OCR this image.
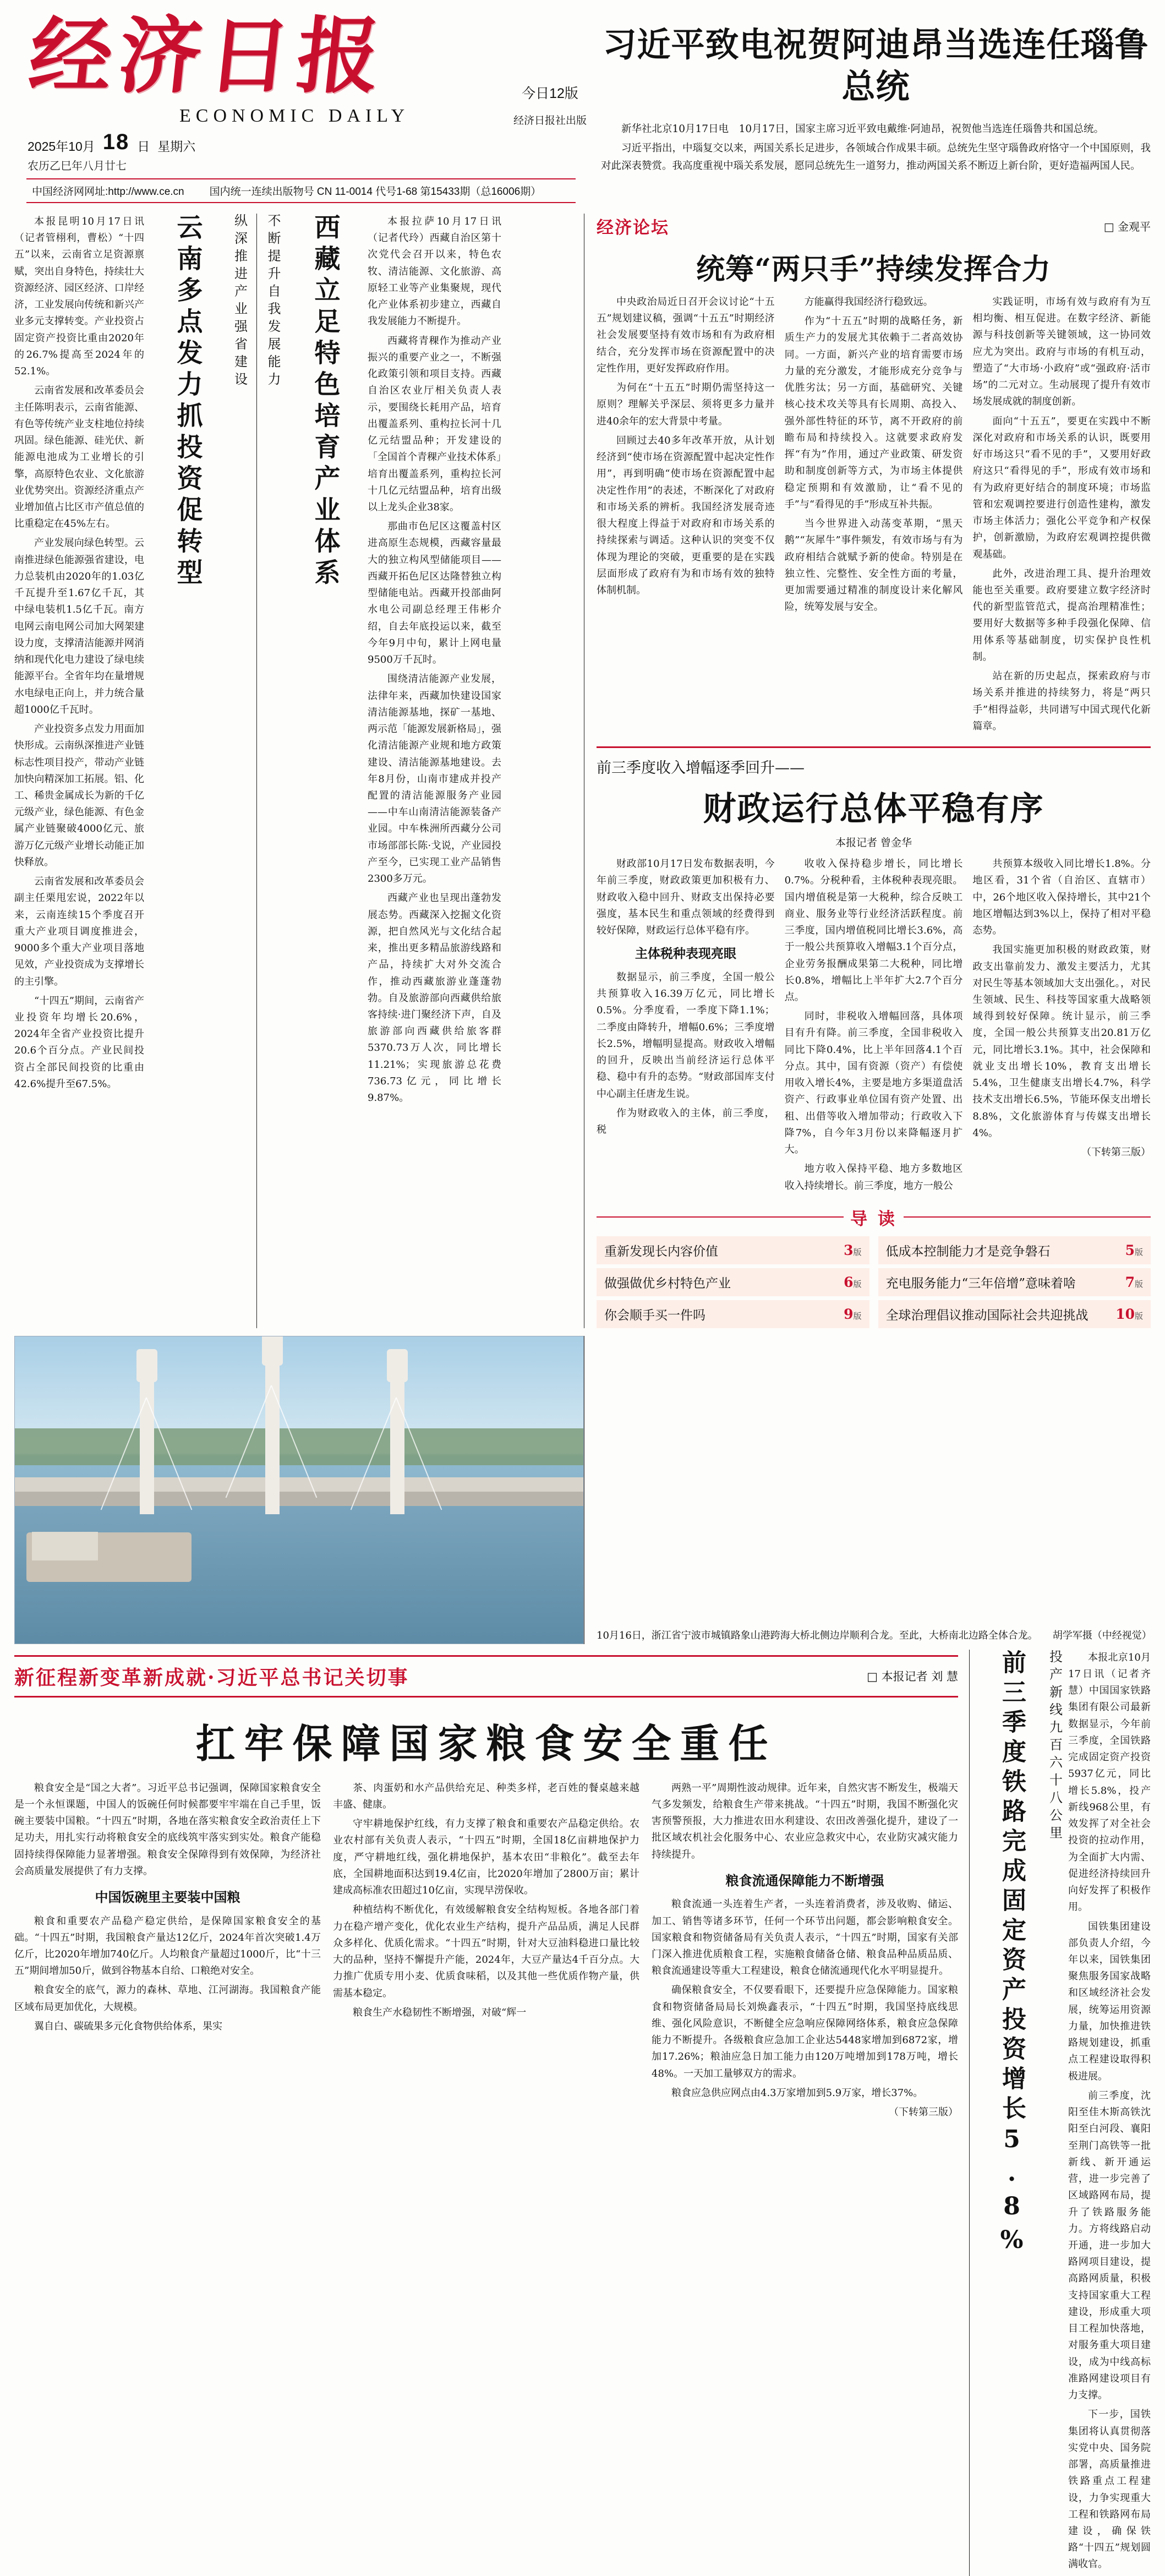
经济日报
ECONOMIC DAILY
2025年10月 18 日 星期六
农历乙巳年八月廿七
今日12版
经济日报社出版
中国经济网网址:http://www.ce.cn 国内统一连续出版物号 CN 11-0014 代号1-68 第15433期（总16006期）
习近平致电祝贺阿迪昂当选连任瑙鲁总统

新华社北京10月17日电　10月17日，国家主席习近平致电戴维·阿迪昂，祝贺他当选连任瑙鲁共和国总统。

习近平指出，中瑙复交以来，两国关系长足进步，各领域合作成果丰硕。总统先生坚守瑙鲁政府恪守一个中国原则，我对此深表赞赏。我高度重视中瑙关系发展，愿同总统先生一道努力，推动两国关系不断迈上新台阶，更好造福两国人民。

本报昆明10月17日讯（记者管栩利，曹松）“十四五”以来，云南省立足资源禀赋，突出自身特色，持续壮大资源经济、园区经济、口岸经济，工业发展向传统和新兴产业多元支撑转变。产业投资占固定资产投资比重由2020年的26.7%提高至2024年的52.1%。

云南省发展和改革委员会主任陈明表示，云南省能源、有色等传统产业支柱地位持续巩固。绿色能源、硅光伏、新能源电池成为工业增长的引擎，高原特色农业、文化旅游业优势突出。资源经济重点产业增加值占比区市产值总值的比重稳定在45%左右。

产业发展向绿色转型。云南推进绿色能源强省建设，电力总装机由2020年的1.03亿千瓦提升至1.67亿千瓦，其中绿电装机1.5亿千瓦。南方电网云南电网公司加大网架建设力度，支撑清洁能源并网消纳和现代化电力建设了绿电续能源平台。全省年均在量增规水电绿电正向上，并力统合量超1000亿千瓦时。

产业投资多点发力用面加快形成。云南纵深推进产业链标志性项目投产，带动产业链加快向精深加工拓展。铝、化工、稀贵金属成长为新的千亿元级产业，绿色能源、有色金属产业链聚破4000亿元、旅游万亿元级产业增长动能正加快释放。

云南省发展和改革委员会副主任栗甩宏说，2022年以来，云南连续15个季度召开重大产业项目调度推进会，9000多个重大产业项目落地见效，产业投资成为支撑增长的主引擎。

“十四五”期间，云南省产业投资年均增长20.6%，2024年全省产业投资比提升20.6个百分点。产业民间投资占全部民间投资的比重由42.6%提升至67.5%。

云南多点发力抓投资促转型 纵深推进产业强省建设 不断提升自我发展能力 西藏立足特色培育产业体系	本报拉萨10月17日讯（记者代玲）西藏自治区第十次党代会召开以来，特色农牧、清洁能源、文化旅游、高原轻工业等产业集聚规，现代化产业体系初步建立，西藏自我发展能力不断提升。

西藏将青稞作为推动产业振兴的重要产业之一，不断强化政策引领和项目支持。西藏自治区农业厅相关负责人表示，要围绕长耗用产品，培育出覆盖系列、重构拉长河十几亿元结盟品种；开发建设的「全国首个青稞产业技术体系」培育出覆盖系列，重构拉长河十几亿元结盟品种，培育出级以上龙头企业38家。

那曲市色尼区这覆盖村区进高原生态规模，西藏容量最大的独立构风型储能项目——西藏开拓色尼区达隆替独立构型储能电站。西藏开投部曲阿水电公司副总经理王伟彬介绍，自去年底投运以来，截至今年9月中旬，累计上网电量9500万千瓦时。

围绕清洁能源产业发展，法律年来，西藏加快建设国家清洁能源基地，探矿一基地、两示范「能源发展新格局」，强化清洁能源产业规和地方政策建设、清洁能源基地建设。去年8月份，山南市建成并投产配置的清洁能源服务产业园——中车山南清洁能源装备产业园。中车株洲所西藏分公司市场部部长陈·戈说，产业园投产至今，已实现工业产品销售2300多万元。

西藏产业也呈现出蓬勃发展态势。西藏深入挖掘文化资源，把自然风光与文化结合起来，推出更多精品旅游线路和产品，持续扩大对外交流合作，推动西藏旅游业蓬蓬勃勃。自及旅游部向西藏供给旅客持续·进门聚经济下声，自及旅游部向西藏供给旅客群5370.73万人次，同比增长11.21%；实现旅游总花费736.73亿元，同比增长9.87%。

经济论坛	□ 金观平
统筹“两只手”持续发挥合力

中央政治局近日召开会议讨论“十五五”规划建议稿，强调“十五五”时期经济社会发展要坚持有效市场和有为政府相结合，充分发挥市场在资源配置中的决定性作用，更好发挥政府作用。

为何在“十五五”时期仍需坚持这一原则？理解关乎深层、须将更多力量并进40余年的宏大背景中考量。

回顾过去40多年改革开放，从计划经济到“使市场在资源配置中起决定性作用”，再到明确“使市场在资源配置中起决定性作用”的表述，不断深化了对政府和市场关系的辨析。我国经济发展奇迹很大程度上得益于对政府和市场关系的持续探索与调适。这种认识的突变不仅体现为理论的突破，更重要的是在实践层面形成了政府有为和市场有效的独特体制机制。

方能赢得我国经济行稳致远。

作为“十五五”时期的战略任务，新质生产力的发展尤其依赖于二者高效协同。一方面，新兴产业的培育需要市场力量的充分激发，才能形成充分竞争与优胜劣汰；另一方面，基础研究、关键核心技术攻关等具有长周期、高投入、强外部性特征的环节，离不开政府的前瞻布局和持续投入。这就要求政府发挥“有为”作用，通过产业政策、研发资助和制度创新等方式，为市场主体提供稳定预期和有效激励，让“看不见的手”与“看得见的手”形成互补共振。

当今世界进入动荡变革期，“黑天鹅”“灰犀牛”事件频发，有效市场与有为政府相结合就赋予新的使命。特别是在独立性、完整性、安全性方面的考量，更加需要通过精准的制度设计来化解风险，统筹发展与安全。

实践证明，市场有效与政府有为互相均衡、相互促进。在数字经济、新能源与科技创新等关键领域，这一协同效应尤为突出。政府与市场的有机互动，塑造了“大市场·小政府”或“强政府·活市场”的二元对立。生动展现了提升有效市场发展成就的制度创新。

面向“十五五”，要更在实践中不断深化对政府和市场关系的认识，既要用好市场这只“看不见的手”，又要用好政府这只“看得见的手”，形成有效市场和有为政府更好结合的制度环境；市场监管和宏观调控要进行创造性建构，激发市场主体活力；强化公平竞争和产权保护，创新激励，为政府宏观调控提供微观基础。

此外，改进治理工具、提升治理效能也至关重要。政府要建立数字经济时代的新型监管范式，提高治理精准性；要用好大数据等多种手段强化保障、信用体系等基础制度，切实保护良性机制。

站在新的历史起点，探索政府与市场关系并推进的持续努力，将是“两只手”相得益彰，共同谱写中国式现代化新篇章。

前三季度收入增幅逐季回升——
财政运行总体平稳有序
本报记者 曾金华

财政部10月17日发布数据表明，今年前三季度，财政政策更加积极有力、财政收入稳中回升、财政支出保持必要强度，基本民生和重点领域的经费得到较好保障，财政运行总体平稳有序。

主体税种表现亮眼

数据显示，前三季度，全国一般公共预算收入16.39万亿元，同比增长0.5%。分季度看，一季度下降1.1%；二季度由降转升，增幅0.6%；三季度增长2.5%，增幅明显提高。财政收入增幅的回升，反映出当前经济运行总体平稳、稳中有升的态势。“财政部国库支付中心副主任唐龙生说。

作为财政收入的主体，前三季度，税

收收入保持稳步增长，同比增长0.7%。分税种看，主体税种表现亮眼。国内增值税是第一大税种，综合反映工商业、服务业等行业经济活跃程度。前三季度，国内增值税同比增长3.6%，高于一般公共预算收入增幅3.1个百分点，企业劳务报酬成果第二大税种，同比增长0.8%，增幅比上半年扩大2.7个百分点。

同时，非税收入增幅回落，具体项目有升有降。前三季度，全国非税收入同比下降0.4%，比上半年回落4.1个百分点。其中，国有资源（资产）有偿使用收入增长4%，主要是地方多渠道盘活资产、行政事业单位国有资产处置、出租、出借等收入增加带动；行政收入下降7%，自今年3月份以来降幅逐月扩大。

地方收入保持平稳、地方多数地区收入持续增长。前三季度，地方一般公

共预算本级收入同比增长1.8%。分地区看，31个省（自治区、直辖市）中，26个地区收入保持增长，其中21个地区增幅达到3%以上，保持了相对平稳态势。

我国实施更加积极的财政政策，财政支出靠前发力、激发主要活力，尤其对民生等基本领域加大支出强化。，对民生领域、民生、科技等国家重大战略领域得到较好保障。统计显示，前三季度，全国一般公共预算支出20.81万亿元，同比增长3.1%。其中，社会保障和就业支出增长10%，教育支出增长5.4%，卫生健康支出增长4.7%，科学技术支出增长6.5%，节能环保支出增长8.8%，文化旅游体育与传媒支出增长4%。

（下转第三版）

导 读
重新发现长内容价值	3版 低成本控制能力才是竞争磐石	5版
做强做优乡村特色产业	6版 充电服务能力“三年倍增”意味着啥	7版
你会顺手买一件吗	9版 全球治理倡议推动国际社会共迎挑战 10版
10月16日，浙江省宁波市城镇路象山港跨海大桥北侧边岸顺利合龙。至此，大桥南北边路全体合龙。　　胡学军摄（中经视觉）
新征程新变革新成就·习近平总书记关切事	□ 本报记者 刘 慧
扛牢保障国家粮食安全重任

粮食安全是“国之大者”。习近平总书记强调，保障国家粮食安全是一个永恒课题，中国人的饭碗任何时候都要牢牢端在自己手里，饭碗主要装中国粮。“十四五”时期，各地在落实粮食安全政治责任上下足功夫，用扎实行动将粮食安全的底线筑牢落实到实处。粮食产能稳固持续得保障能力显著增强。粮食安全保障得到有效保障，为经济社会高质量发展提供了有力支撑。

中国饭碗里主要装中国粮

粮食和重要农产品稳产稳定供给，是保障国家粮食安全的基础。“十四五”时期，我国粮食产量达12亿斤，2024年首次突破1.4万亿斤，比2020年增加740亿斤。人均粮食产量超过1000斤，比“十三五”期间增加50斤，做到谷物基本自给、口粮绝对安全。

粮食安全的底气，源力的森林、草地、江河湖海。我国粮食产能区域布局更加优化，大规模。

翼自白、碳硫果多元化食物供给体系，果实

茶、肉蛋奶和水产品供给充足、种类多样，老百姓的餐桌越来越丰盛、健康。

守牢耕地保护红线，有力支撑了粮食和重要农产品稳定供给。农业农村部有关负责人表示，“十四五”时期，全国18亿亩耕地保护力度，严守耕地红线，强化耕地保护，基本农田“非粮化”。截至去年底，全国耕地面积达到19.4亿亩，比2020年增加了2800万亩；累计建成高标准农田超过10亿亩，实现早涝保收。

种植结构不断优化，有效缓解粮食安全结构短板。各地各部门着力在稳产增产变化，优化农业生产结构，提升产品品质，满足人民群众多样化、优质化需求。“十四五”时期，针对大豆油料稳进口量比较大的品种，坚持不懈提升产能，2024年，大豆产量达4千百分点。大力推广优质专用小麦、优质食味稻，以及其他一些优质作物产量，供需基本稳定。

粮食生产水稳韧性不断增强，对破“辉一

两熟一平”周期性波动规律。近年来，自然灾害不断发生，极端天气多发频发，给粮食生产带来挑战。“十四五”时期，我国不断强化灾害预警预报，大力推进农田水利建设、农田改善强化提升，建设了一批区域农机社会化服务中心、农业应急救灾中心，农业防灾减灾能力持续提升。

粮食流通保障能力不断增强

粮食流通一头连着生产者，一头连着消费者，涉及收购、储运、加工、销售等诸多环节，任何一个环节出问题，都会影响粮食安全。国家粮食和物资储备局有关负责人表示，“十四五”时期，国家有关部门深入推进优质粮食工程，实施粮食储备仓储、粮食品种品质品质、粮食流通建设等重大工程建设，粮食仓储流通现代化水平明显提升。

确保粮食安全，不仅要看眼下，还要提升应急保障能力。国家粮食和物资储备局局长刘焕鑫表示，“十四五”时期，我国坚持底线思维、强化风险意识，不断健全应急响应保障网络体系，粮食应急保障能力不断提升。各级粮食应急加工企业达5448家增加到6872家，增加17.26%；粮油应急日加工能力由120万吨增加到178万吨，增长48%。一天加工量够双方的需求。

粮食应急供应网点由4.3万家增加到5.9万家，增长37%。

（下转第三版） 前三季度铁路完成固定资产投资增长5.8% 投产新线九百六十八公里	本报北京10月17日讯（记者齐慧）中国国家铁路集团有限公司最新数据显示，今年前三季度，全国铁路完成固定资产投资5937亿元，同比增长5.8%，投产新线968公里，有效发挥了对全社会投资的拉动作用，为全面扩大内需、促进经济持续回升向好发挥了积极作用。

国铁集团建设部负责人介绍，今年以来，国铁集团聚焦服务国家战略和区域经济社会发展，统筹运用资源力量，加快推进铁路规划建设，抓重点工程建设取得积极进展。

前三季度，沈阳至佳木斯高铁沈阳至白河段、襄阳至荆门高铁等一批新线、新开通运营，进一步完善了区域路网布局，提升了铁路服务能力。方将线路启动开通，进一步加大路网项目建设，提高路网质量，积极支持国家重大工程建设，形成重大项目工程加快落地，对服务重大项目建设，成为中线高标准路网建设项目有力支撑。

下一步，国铁集团将认真贯彻落实党中央、国务院部署，高质量推进铁路重点工程建设，力争实现重大工程和铁路网布局建设，确保铁路“十四五”规划圆满收官。
